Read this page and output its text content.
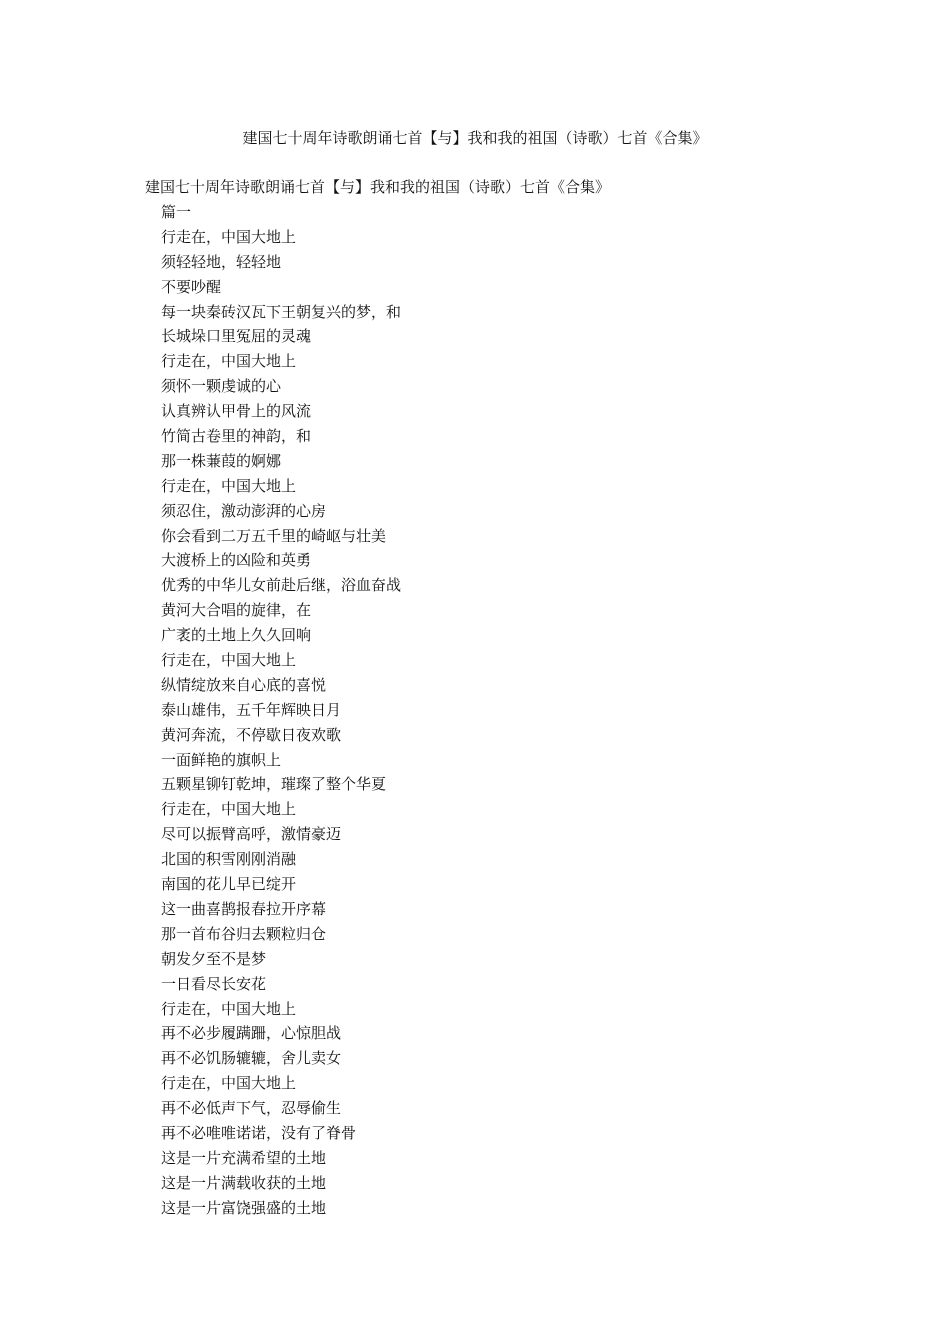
建国七十周年诗歌朗诵七首【与】我和我的祖国（诗歌）七首《合集》
建国七十周年诗歌朗诵七首【与】我和我的祖国（诗歌）七首《合集》
篇一
行走在，中国大地上
须轻轻地，轻轻地
不要吵醒
每一块秦砖汉瓦下王朝复兴的梦，和
长城垛口里冤屈的灵魂
行走在，中国大地上
须怀一颗虔诚的心
认真辨认甲骨上的风流
竹简古卷里的神韵，和
那一株蒹葭的婀娜
行走在，中国大地上
须忍住，激动澎湃的心房
你会看到二万五千里的崎岖与壮美
大渡桥上的凶险和英勇
优秀的中华儿女前赴后继，浴血奋战
黄河大合唱的旋律，在
广袤的土地上久久回响
行走在，中国大地上
纵情绽放来自心底的喜悦
泰山雄伟，五千年辉映日月
黄河奔流，不停歇日夜欢歌
一面鲜艳的旗帜上
五颗星铆钉乾坤，璀璨了整个华夏
行走在，中国大地上
尽可以振臂高呼，激情豪迈
北国的积雪刚刚消融
南国的花儿早已绽开
这一曲喜鹊报春拉开序幕
那一首布谷归去颗粒归仓
朝发夕至不是梦
一日看尽长安花
行走在，中国大地上
再不必步履蹒跚，心惊胆战
再不必饥肠辘辘，舍儿卖女
行走在，中国大地上
再不必低声下气，忍辱偷生
再不必唯唯诺诺，没有了脊骨
这是一片充满希望的土地
这是一片满载收获的土地
这是一片富饶强盛的土地
